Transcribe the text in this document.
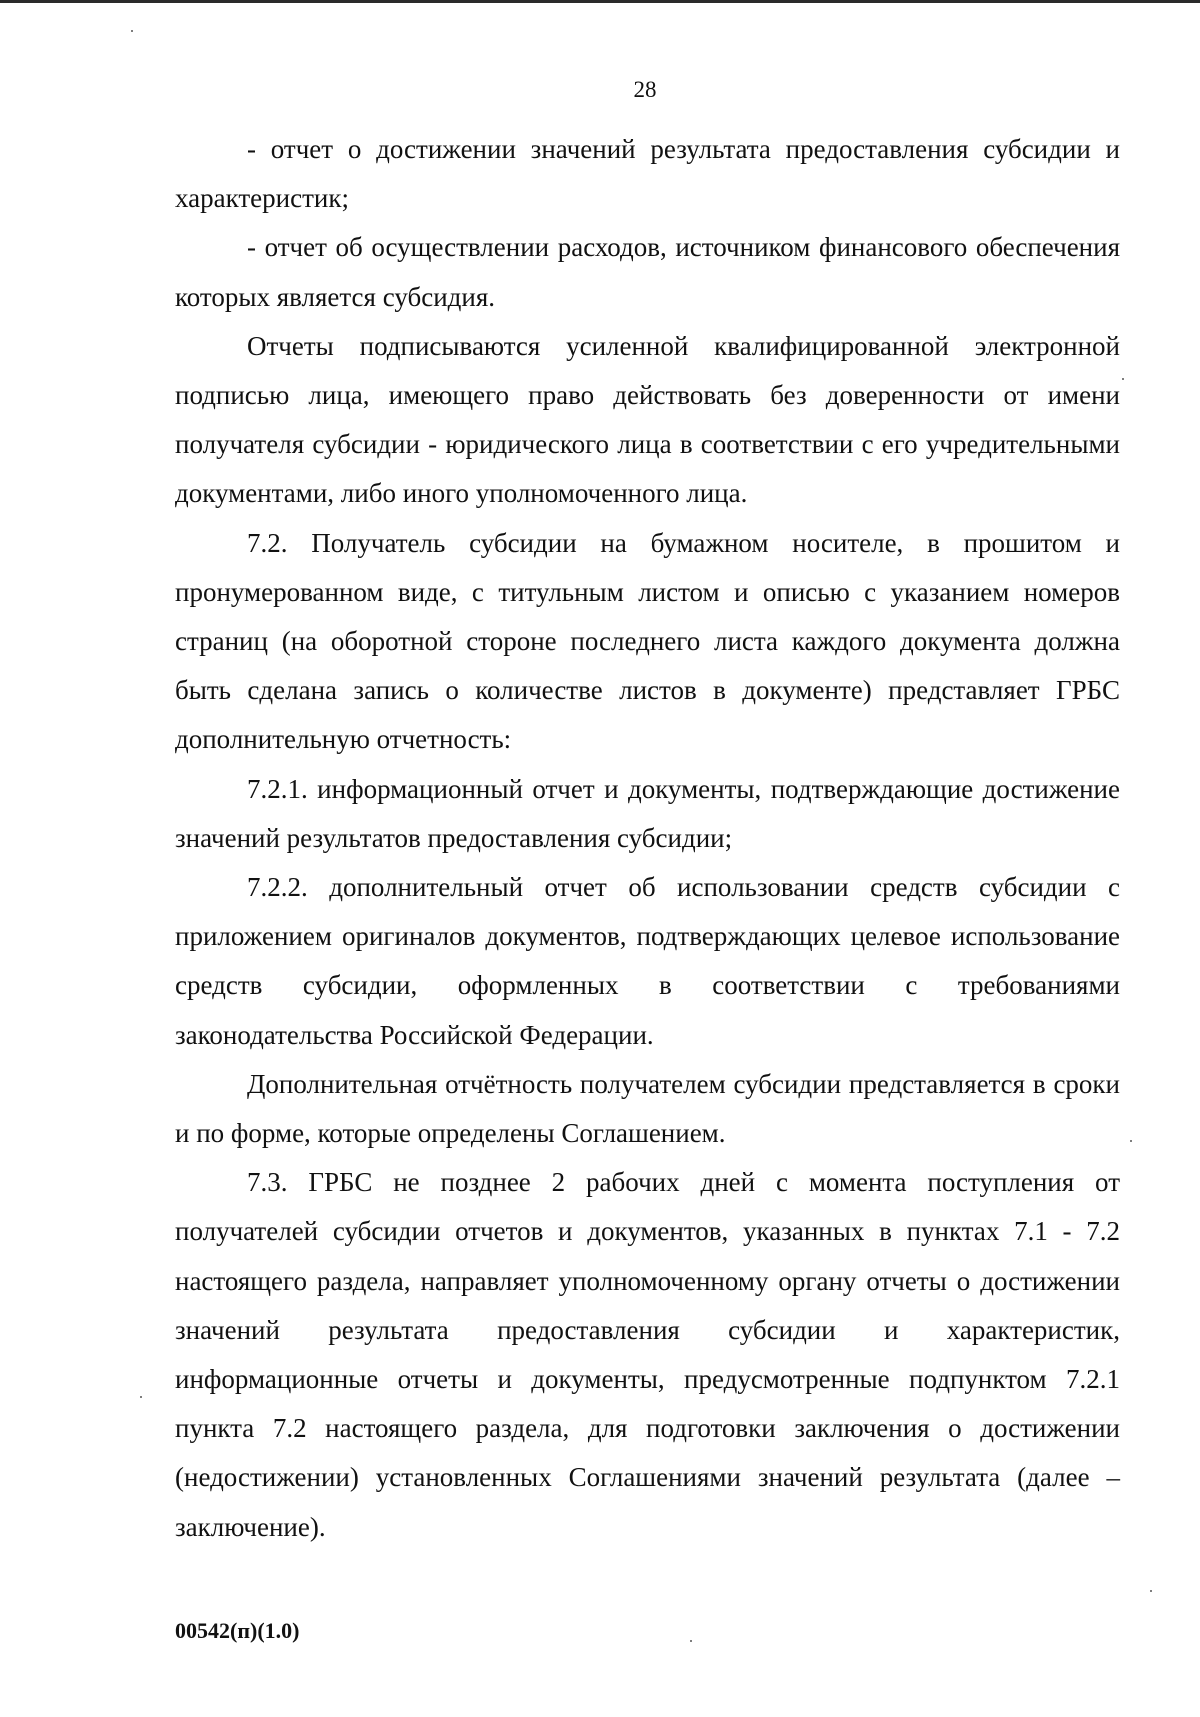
28

- отчет о достижении значений результата предоставления субсидии и характеристик;

- отчет об осуществлении расходов, источником финансового обеспечения которых является субсидия.

Отчеты подписываются усиленной квалифицированной электронной подписью лица, имеющего право действовать без доверенности от имени получателя субсидии - юридического лица в соответствии с его учредительными документами, либо иного уполномоченного лица.

7.2. Получатель субсидии на бумажном носителе, в прошитом и пронумерованном виде, с титульным листом и описью с указанием номеров страниц (на оборотной стороне последнего листа каждого документа должна быть сделана запись о количестве листов в документе) представляет ГРБС дополнительную отчетность:

7.2.1. информационный отчет и документы, подтверждающие достижение значений результатов предоставления субсидии;

7.2.2. дополнительный отчет об использовании средств субсидии с приложением оригиналов документов, подтверждающих целевое использование средств субсидии, оформленных в соответствии с требованиями законодательства Российской Федерации.

Дополнительная отчётность получателем субсидии представляется в сроки и по форме, которые определены Соглашением.

7.3. ГРБС не позднее 2 рабочих дней с момента поступления от получателей субсидии отчетов и документов, указанных в пунктах 7.1 - 7.2 настоящего раздела, направляет уполномоченному органу отчеты о достижении значений результата предоставления субсидии и характеристик, информационные отчеты и документы, предусмотренные подпунктом 7.2.1 пункта 7.2 настоящего раздела, для подготовки заключения о достижении (недостижении) установленных Соглашениями значений результата (далее – заключение).

00542(п)(1.0)
